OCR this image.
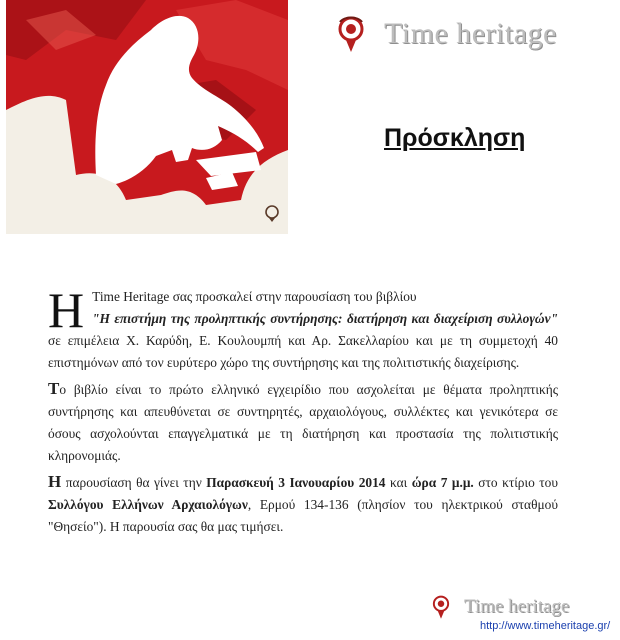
Time heritage
Πρόσκληση

Η Time Heritage σας προσκαλεί στην παρουσίαση του βιβλίου
"Η επιστήμη της προληπτικής συντήρησης: διατήρηση και διαχείριση συλλογών" σε επιμέλεια Χ. Καρύδη, Ε. Κουλουμπή και Αρ. Σακελλαρίου και με τη συμμετοχή 40 επιστημόνων από τον ευρύτερο χώρο της συντήρησης και της πολιτιστικής διαχείρισης.

Το βιβλίο είναι το πρώτο ελληνικό εγχειρίδιο που ασχολείται με θέματα προληπτικής συντήρησης και απευθύνεται σε συντηρητές, αρχαιολόγους, συλλέκτες και γενικότερα σε όσους ασχολούνται επαγγελματικά με τη διατήρηση και προστασία της πολιτιστικής κληρονομιάς.

Η παρουσίαση θα γίνει την Παρασκευή 3 Ιανουαρίου 2014 και ώρα 7 μ.μ. στο κτίριο του Συλλόγου Ελλήνων Αρχαιολόγων, Ερμού 134-136 (πλησίον του ηλεκτρικού σταθμού "Θησείο"). Η παρουσία σας θα μας τιμήσει.

Time heritage
http://www.timeheritage.gr/
